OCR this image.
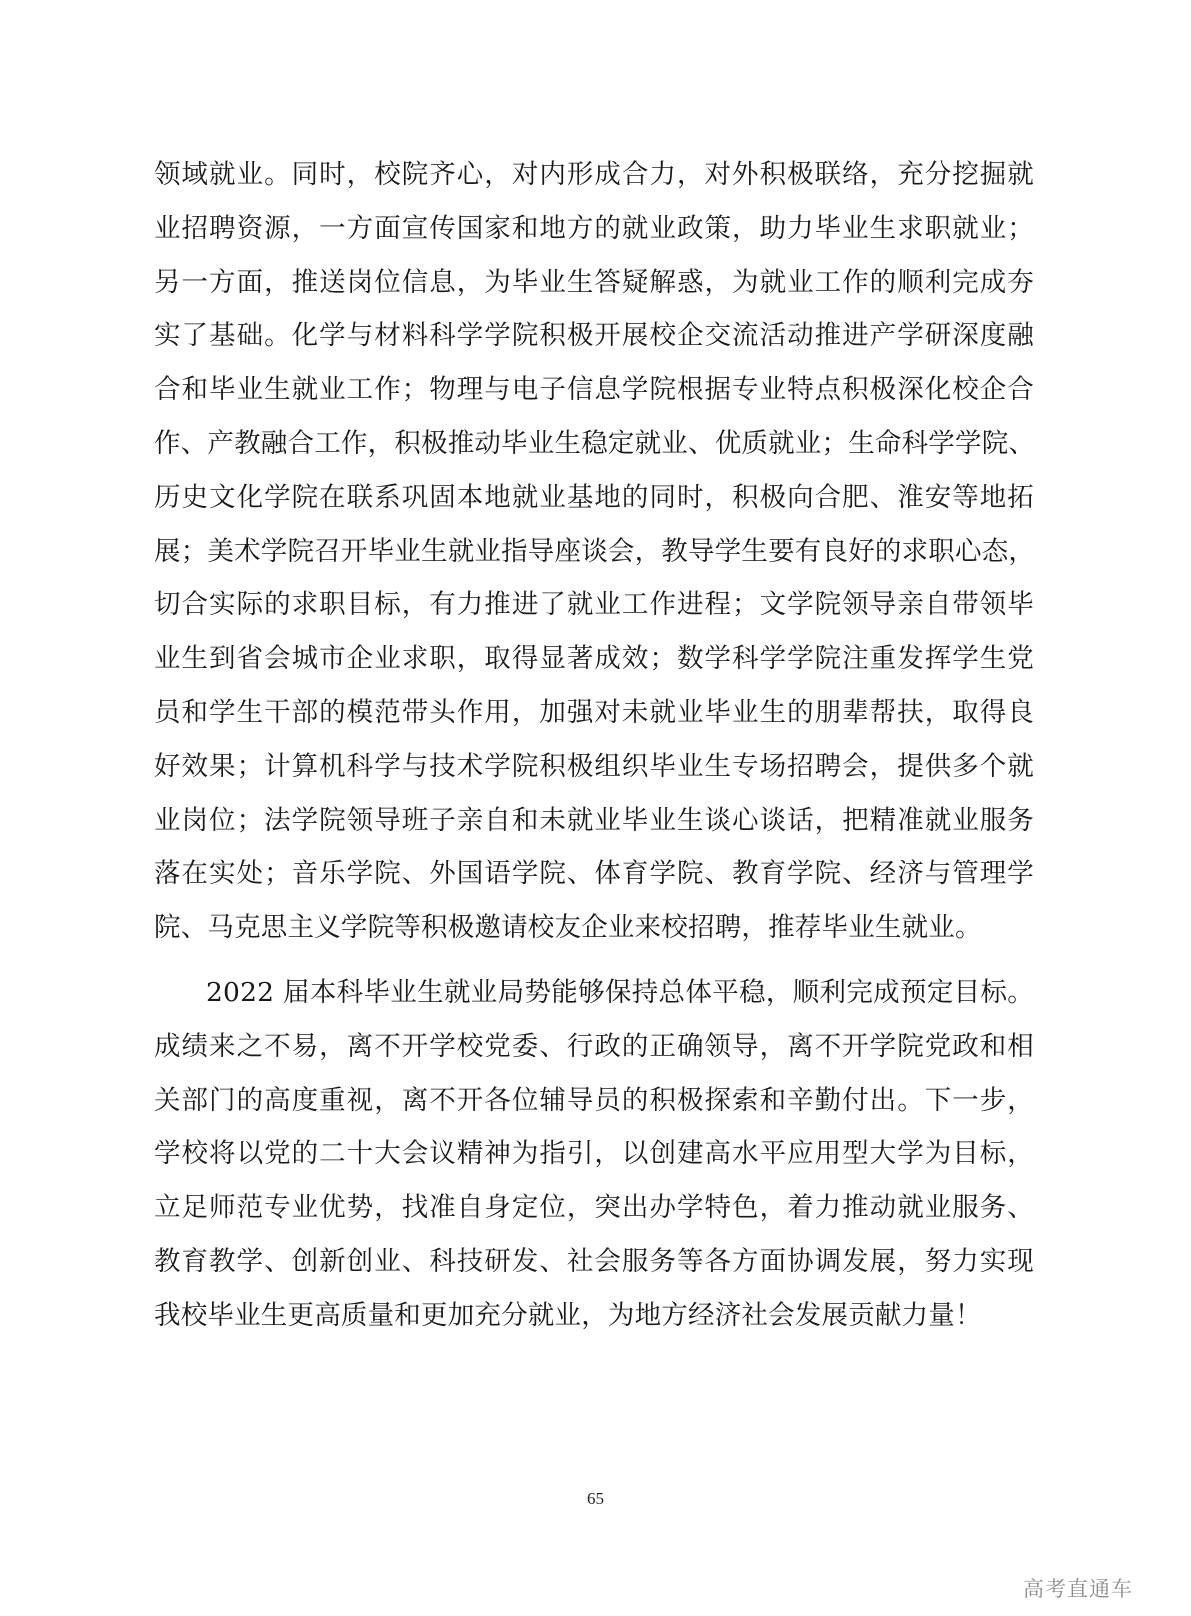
领域就业。同时，校院齐心，对内形成合力，对外积极联络，充分挖掘就
业招聘资源，一方面宣传国家和地方的就业政策，助力毕业生求职就业；
另一方面，推送岗位信息，为毕业生答疑解惑，为就业工作的顺利完成夯
实了基础。化学与材料科学学院积极开展校企交流活动推进产学研深度融
合和毕业生就业工作；物理与电子信息学院根据专业特点积极深化校企合
作、产教融合工作，积极推动毕业生稳定就业、优质就业；生命科学学院、
历史文化学院在联系巩固本地就业基地的同时，积极向合肥、淮安等地拓
展；美术学院召开毕业生就业指导座谈会，教导学生要有良好的求职心态，
切合实际的求职目标，有力推进了就业工作进程；文学院领导亲自带领毕
业生到省会城市企业求职，取得显著成效；数学科学学院注重发挥学生党
员和学生干部的模范带头作用，加强对未就业毕业生的朋辈帮扶，取得良
好效果；计算机科学与技术学院积极组织毕业生专场招聘会，提供多个就
业岗位；法学院领导班子亲自和未就业毕业生谈心谈话，把精准就业服务
落在实处；音乐学院、外国语学院、体育学院、教育学院、经济与管理学
院、马克思主义学院等积极邀请校友企业来校招聘，推荐毕业生就业。
2022 届本科毕业生就业局势能够保持总体平稳，顺利完成预定目标。
成绩来之不易，离不开学校党委、行政的正确领导，离不开学院党政和相
关部门的高度重视，离不开各位辅导员的积极探索和辛勤付出。下一步，
学校将以党的二十大会议精神为指引，以创建高水平应用型大学为目标，
立足师范专业优势，找准自身定位，突出办学特色，着力推动就业服务、
教育教学、创新创业、科技研发、社会服务等各方面协调发展，努力实现
我校毕业生更高质量和更加充分就业，为地方经济社会发展贡献力量！
65
高考直通车
